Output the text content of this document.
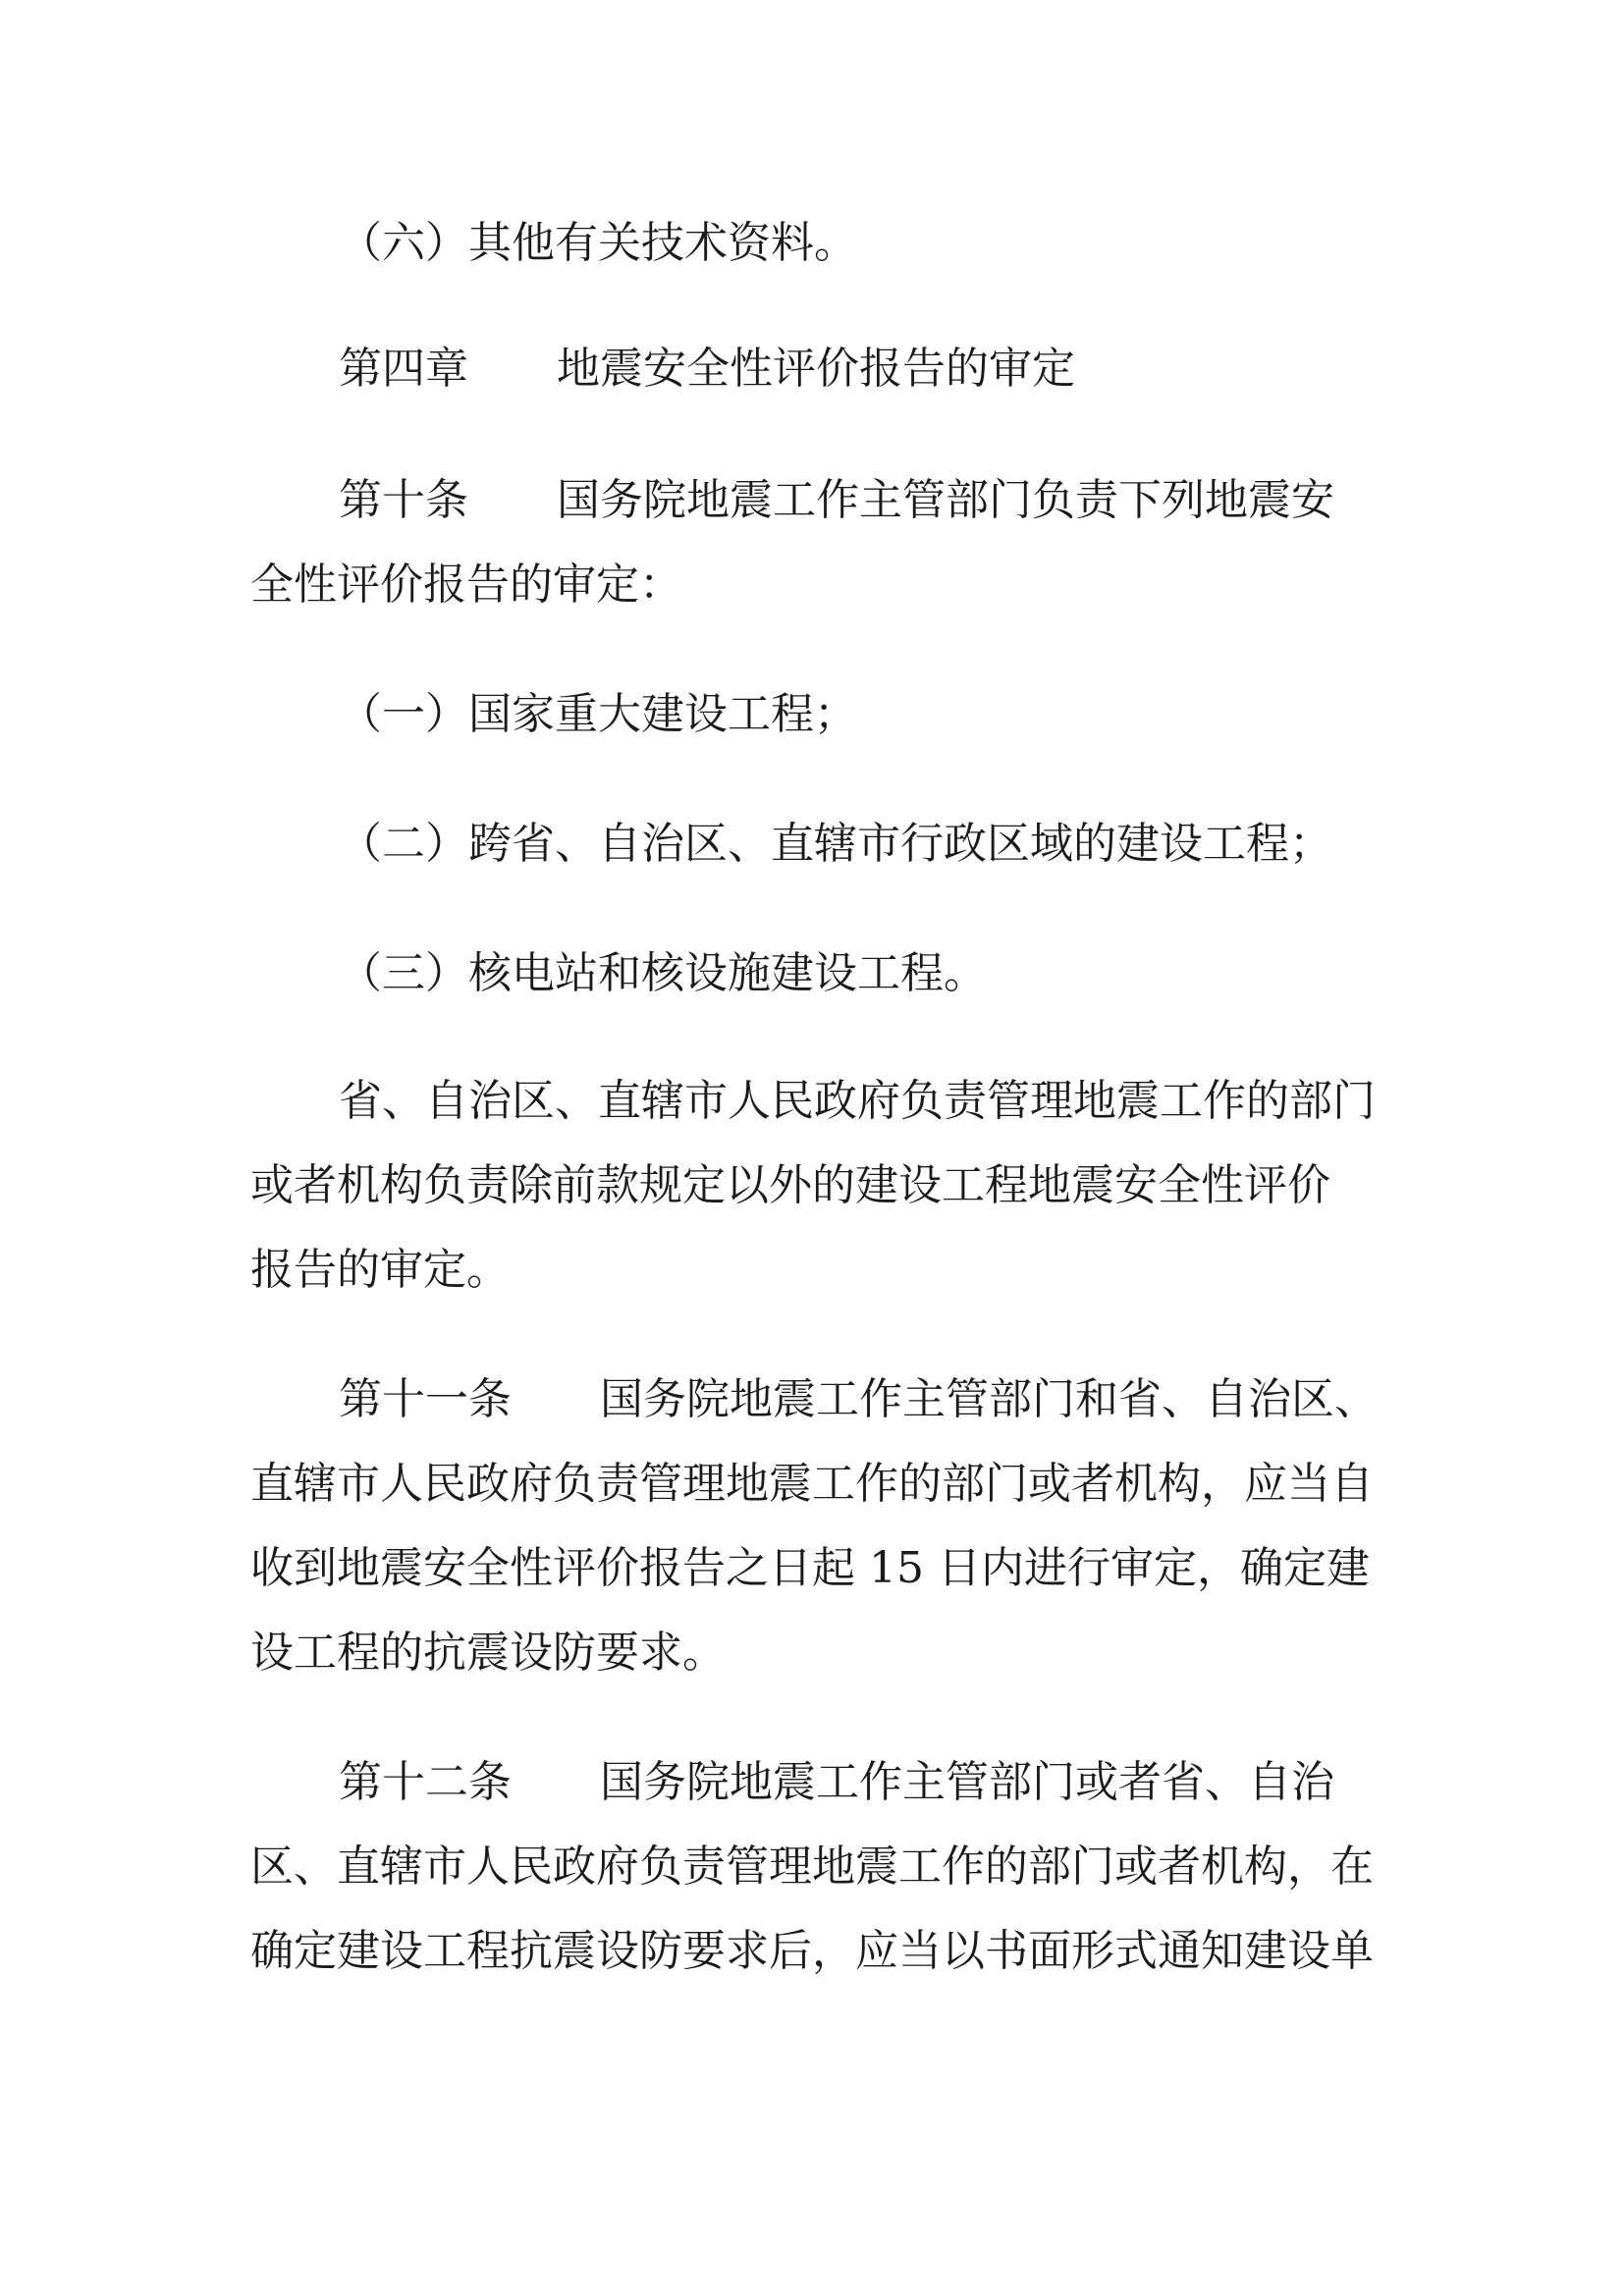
（六）其他有关技术资料。
第四章 地震安全性评价报告的审定
第十条 国务院地震工作主管部门负责下列地震安
全性评价报告的审定：
（一）国家重大建设工程；
（二）跨省、自治区、直辖市行政区域的建设工程；
（三）核电站和核设施建设工程。
省、自治区、直辖市人民政府负责管理地震工作的部门
或者机构负责除前款规定以外的建设工程地震安全性评价
报告的审定。
第十一条 国务院地震工作主管部门和省、自治区、
直辖市人民政府负责管理地震工作的部门或者机构，应当自
收到地震安全性评价报告之日起 15 日内进行审定，确定建
设工程的抗震设防要求。
第十二条 国务院地震工作主管部门或者省、自治
区、直辖市人民政府负责管理地震工作的部门或者机构，在
确定建设工程抗震设防要求后，应当以书面形式通知建设单
